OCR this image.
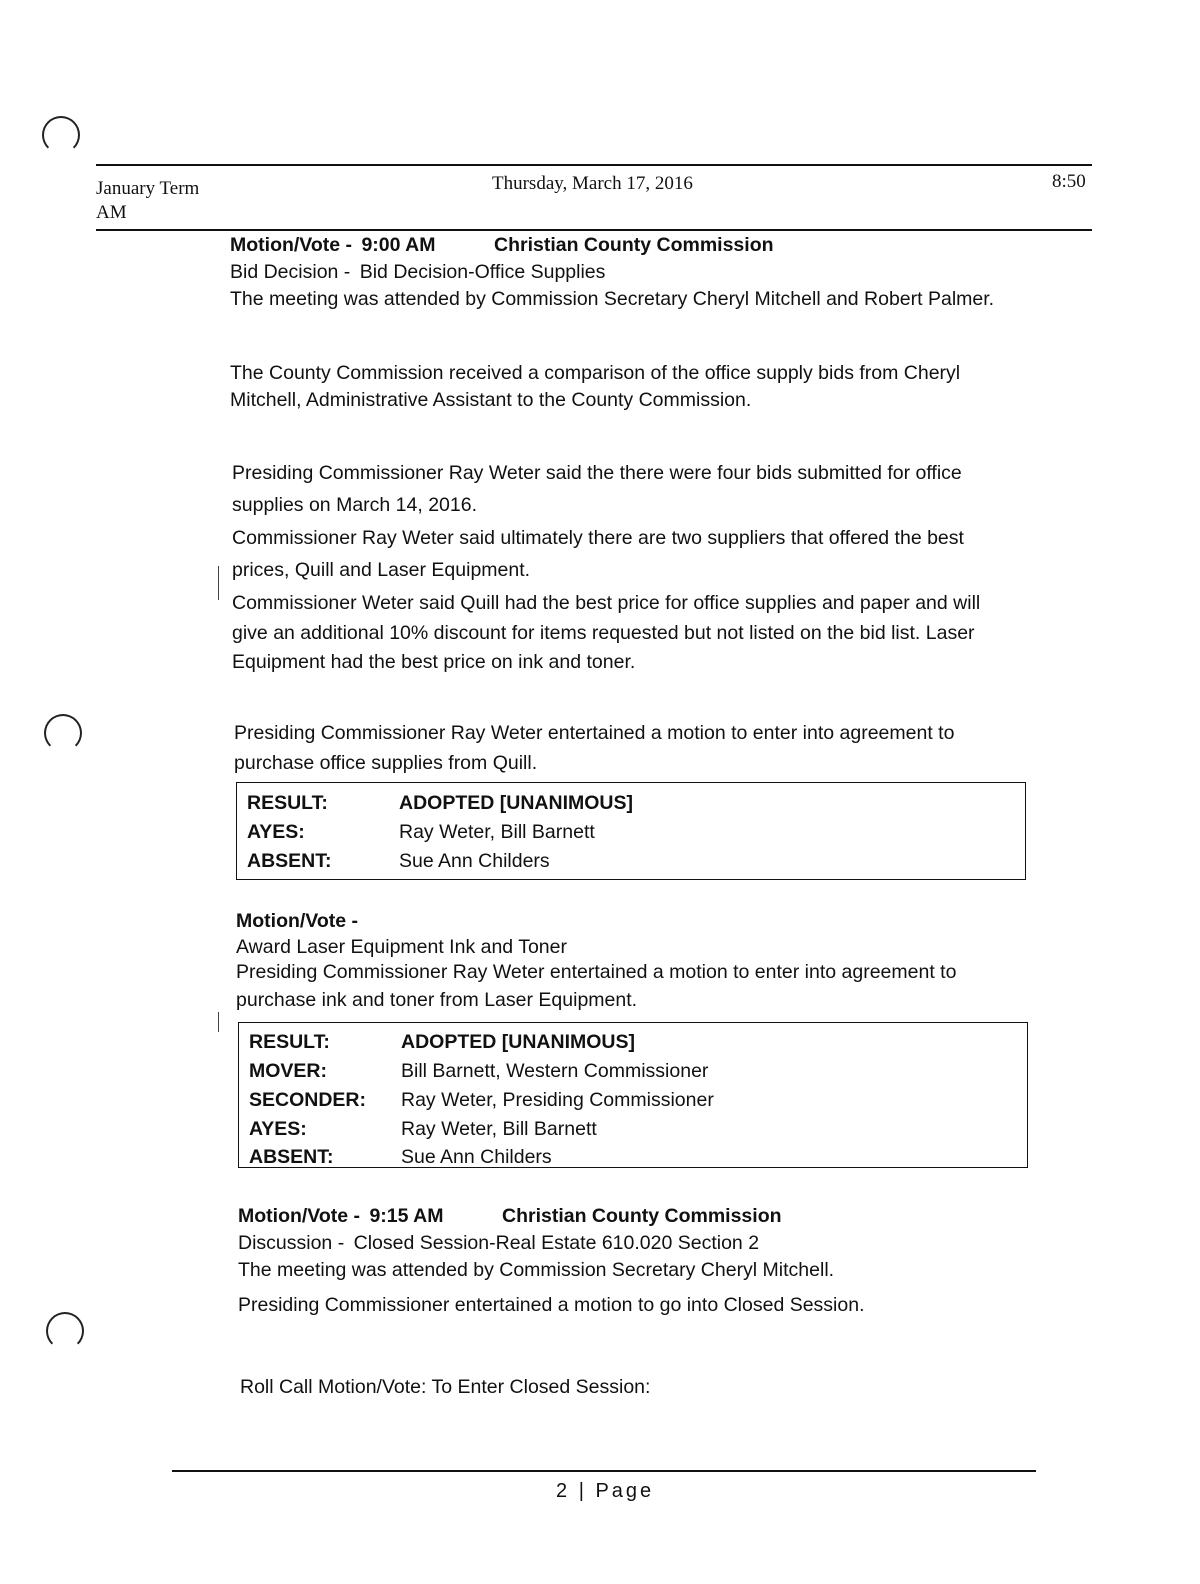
January Term
AM
Thursday, March 17, 2016	8:50
Motion/Vote - 9:00 AM	Christian County Commission
Bid Decision - Bid Decision-Office Supplies
The meeting was attended by Commission Secretary Cheryl Mitchell and Robert Palmer.
The County Commission received a comparison of the office supply bids from Cheryl
Mitchell, Administrative Assistant to the County Commission.
Presiding Commissioner Ray Weter said the there were four bids submitted for office
supplies on March 14, 2016.
Commissioner Ray Weter said ultimately there are two suppliers that offered the best
prices, Quill and Laser Equipment.
Commissioner Weter said Quill had the best price for office supplies and paper and will
give an additional 10% discount for items requested but not listed on the bid list. Laser
Equipment had the best price on ink and toner.
Presiding Commissioner Ray Weter entertained a motion to enter into agreement to
purchase office supplies from Quill.
RESULT:	ADOPTED [UNANIMOUS]
AYES:	Ray Weter, Bill Barnett
ABSENT:	Sue Ann Childers
Motion/Vote -
Award Laser Equipment Ink and Toner
Presiding Commissioner Ray Weter entertained a motion to enter into agreement to
purchase ink and toner from Laser Equipment.
RESULT:	ADOPTED [UNANIMOUS]
MOVER:	Bill Barnett, Western Commissioner
SECONDER: Ray Weter, Presiding Commissioner
AYES:	Ray Weter, Bill Barnett
ABSENT:	Sue Ann Childers
Motion/Vote - 9:15 AM	Christian County Commission
Discussion - Closed Session-Real Estate 610.020 Section 2
The meeting was attended by Commission Secretary Cheryl Mitchell.
Presiding Commissioner entertained a motion to go into Closed Session.
Roll Call Motion/Vote: To Enter Closed Session:
2 | Page
